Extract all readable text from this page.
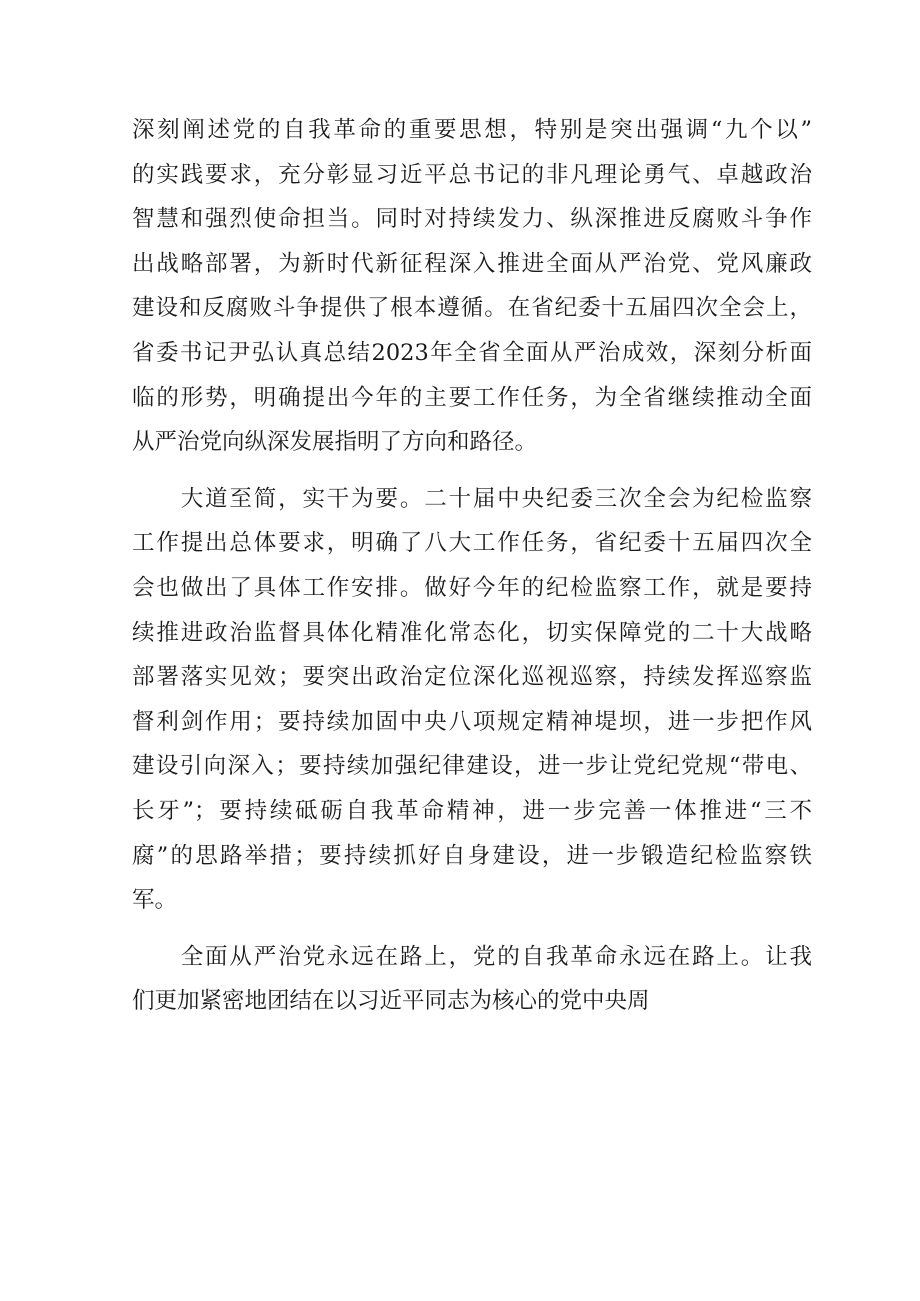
深刻阐述党的自我革命的重要思想，特别是突出强调“九个以”
的实践要求，充分彰显习近平总书记的非凡理论勇气、卓越政治
智慧和强烈使命担当。同时对持续发力、纵深推进反腐败斗争作
出战略部署，为新时代新征程深入推进全面从严治党、党风廉政
建设和反腐败斗争提供了根本遵循。在省纪委十五届四次全会上，
省委书记尹弘认真总结2023年全省全面从严治成效，深刻分析面
临的形势，明确提出今年的主要工作任务，为全省继续推动全面
从严治党向纵深发展指明了方向和路径。
　　大道至简，实干为要。二十届中央纪委三次全会为纪检监察
工作提出总体要求，明确了八大工作任务，省纪委十五届四次全
会也做出了具体工作安排。做好今年的纪检监察工作，就是要持
续推进政治监督具体化精准化常态化，切实保障党的二十大战略
部署落实见效；要突出政治定位深化巡视巡察，持续发挥巡察监
督利剑作用；要持续加固中央八项规定精神堤坝，进一步把作风
建设引向深入；要持续加强纪律建设，进一步让党纪党规“带电、
长牙”；要持续砥砺自我革命精神，进一步完善一体推进“三不
腐”的思路举措；要持续抓好自身建设，进一步锻造纪检监察铁
军。
　　全面从严治党永远在路上，党的自我革命永远在路上。让我
们更加紧密地团结在以习近平同志为核心的党中央周
